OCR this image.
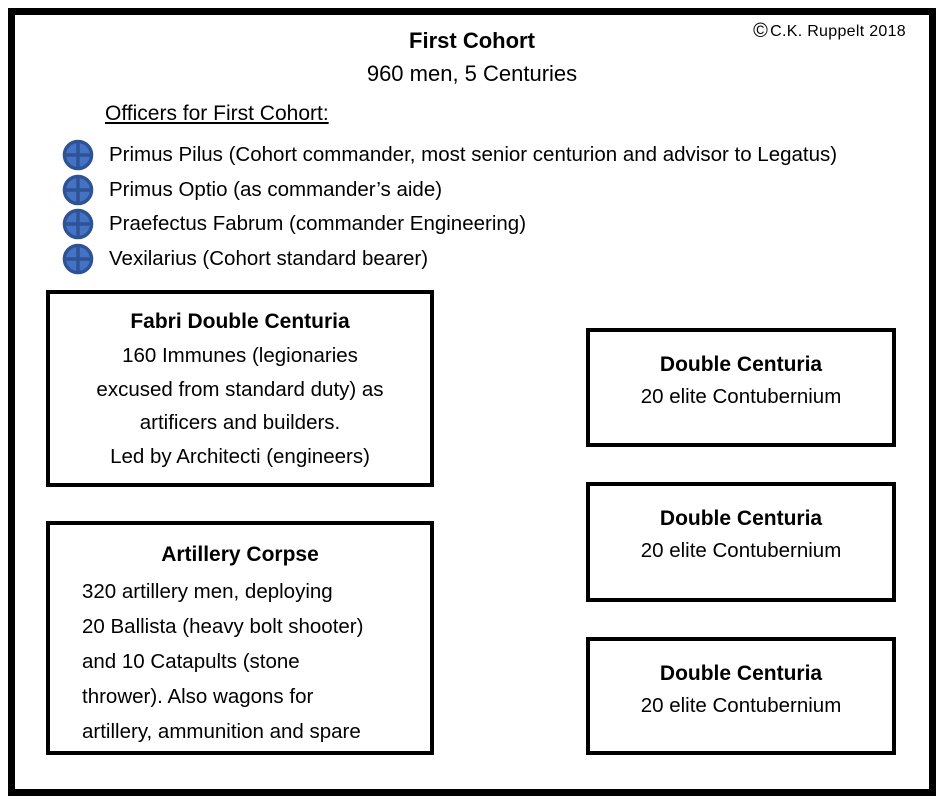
First Cohort
960 men, 5 Centuries
© C.K. Ruppelt 2018
Officers for First Cohort:
Primus Pilus (Cohort commander, most senior centurion and advisor to Legatus)
Primus Optio (as commander’s aide)
Praefectus Fabrum (commander Engineering)
Vexilarius (Cohort standard bearer)
Fabri Double Centuria
160 Immunes (legionaries
excused from standard duty) as
artificers and builders.
Led by Architecti (engineers)
Artillery Corpse
320 artillery men, deploying
20 Ballista (heavy bolt shooter)
and 10 Catapults (stone
thrower). Also wagons for
artillery, ammunition and spare
Double Centuria
20 elite Contubernium
Double Centuria
20 elite Contubernium
Double Centuria
20 elite Contubernium
